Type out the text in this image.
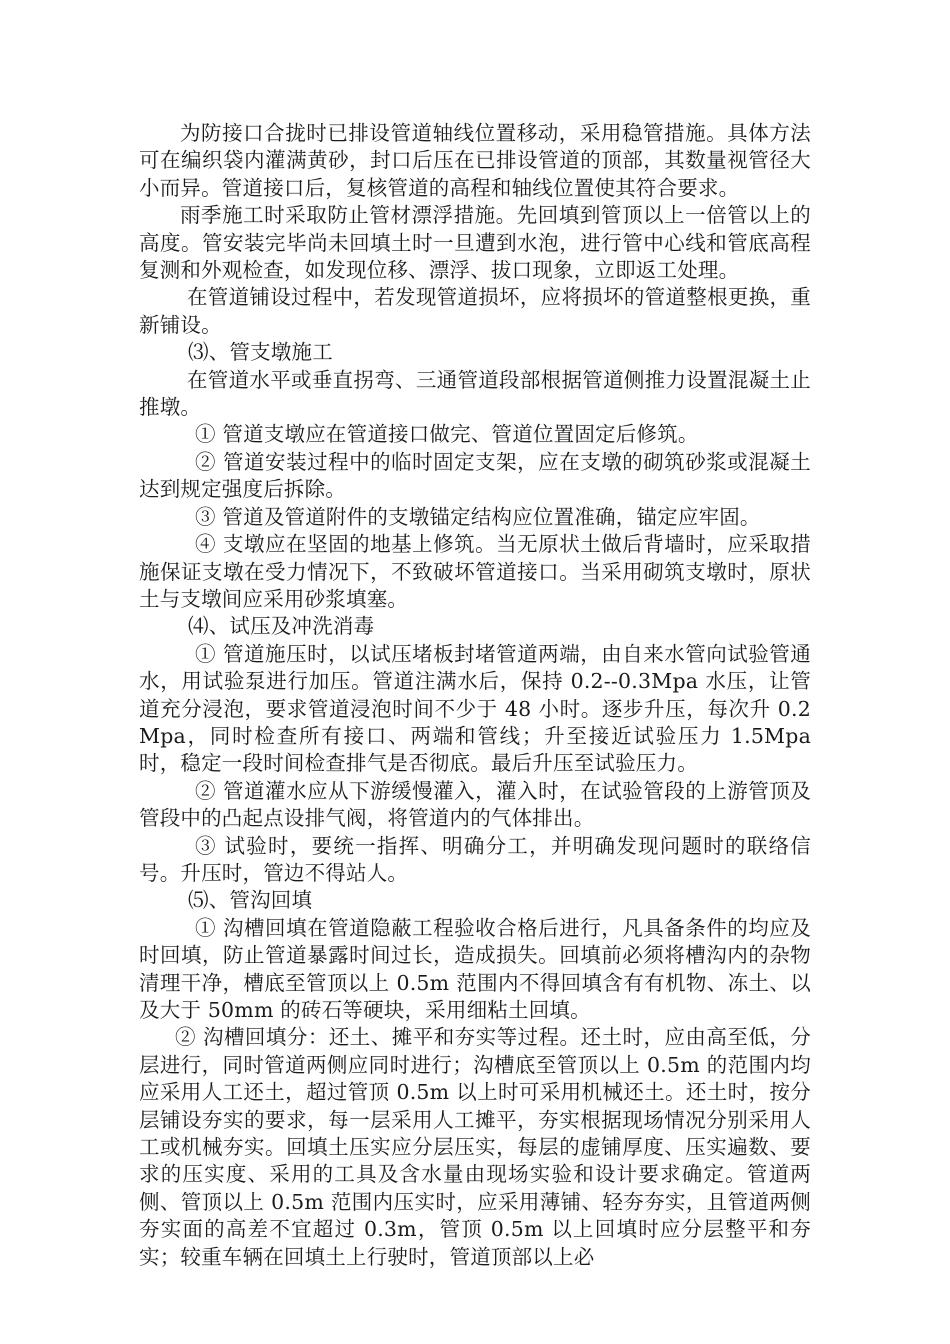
为防接口合拢时已排设管道轴线位置移动，采用稳管措施。具体方法可在编织袋内灌满黄砂，封口后压在已排设管道的顶部，其数量视管径大小而异。管道接口后，复核管道的高程和轴线位置使其符合要求。

雨季施工时采取防止管材漂浮措施。先回填到管顶以上一倍管以上的高度。管安装完毕尚未回填土时一旦遭到水泡，进行管中心线和管底高程复测和外观检查，如发现位移、漂浮、拔口现象，立即返工处理。

在管道铺设过程中，若发现管道损坏，应将损坏的管道整根更换，重新铺设。

⑶、管支墩施工

在管道水平或垂直拐弯、三通管道段部根据管道侧推力设置混凝土止推墩。

① 管道支墩应在管道接口做完、管道位置固定后修筑。

② 管道安装过程中的临时固定支架，应在支墩的砌筑砂浆或混凝土达到规定强度后拆除。

③ 管道及管道附件的支墩锚定结构应位置准确，锚定应牢固。

④ 支墩应在坚固的地基上修筑。当无原状土做后背墙时，应采取措施保证支墩在受力情况下，不致破坏管道接口。当采用砌筑支墩时，原状土与支墩间应采用砂浆填塞。

⑷、试压及冲洗消毒

① 管道施压时，以试压堵板封堵管道两端，由自来水管向试验管通水，用试验泵进行加压。管道注满水后，保持 0.2--0.3Mpa 水压，让管道充分浸泡，要求管道浸泡时间不少于 48 小时。逐步升压，每次升 0.2Mpa，同时检查所有接口、两端和管线；升至接近试验压力 1.5Mpa 时，稳定一段时间检查排气是否彻底。最后升压至试验压力。

② 管道灌水应从下游缓慢灌入，灌入时，在试验管段的上游管顶及管段中的凸起点设排气阀，将管道内的气体排出。

③ 试验时，要统一指挥、明确分工，并明确发现问题时的联络信号。升压时，管边不得站人。

⑸、管沟回填

① 沟槽回填在管道隐蔽工程验收合格后进行，凡具备条件的均应及时回填，防止管道暴露时间过长，造成损失。回填前必须将槽沟内的杂物清理干净，槽底至管顶以上 0.5m 范围内不得回填含有有机物、冻土、以及大于 50mm 的砖石等硬块，采用细粘土回填。

② 沟槽回填分：还土、摊平和夯实等过程。还土时，应由高至低，分层进行，同时管道两侧应同时进行；沟槽底至管顶以上 0.5m 的范围内均应采用人工还土，超过管顶 0.5m 以上时可采用机械还土。还土时，按分层铺设夯实的要求，每一层采用人工摊平，夯实根据现场情况分别采用人工或机械夯实。回填土压实应分层压实，每层的虚铺厚度、压实遍数、要求的压实度、采用的工具及含水量由现场实验和设计要求确定。管道两侧、管顶以上 0.5m 范围内压实时，应采用薄铺、轻夯夯实，且管道两侧夯实面的高差不宜超过 0.3m，管顶 0.5m 以上回填时应分层整平和夯实；较重车辆在回填土上行驶时，管道顶部以上必
